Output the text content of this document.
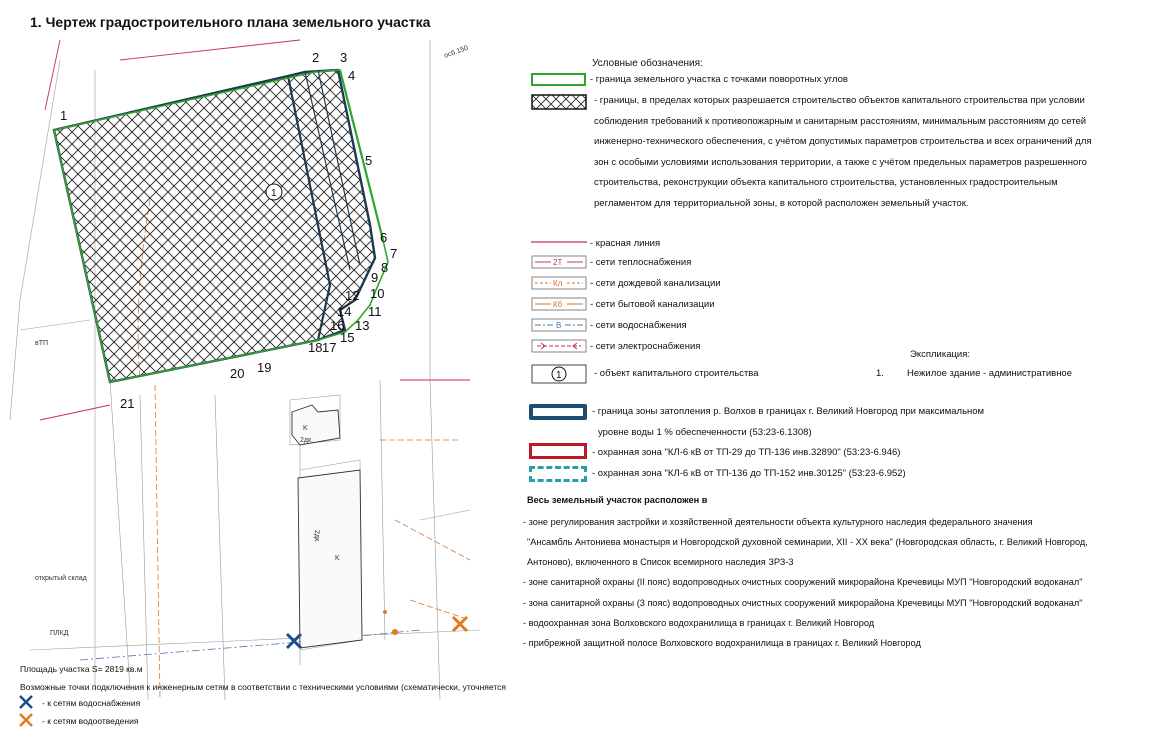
1. Чертеж градостроительного плана земельного участка
K
2дк.
K
2дк.
открытый склад
вТП
осб.150
ПЛКД
1
1
2 3
4
5
6
7
8
9
10
11
12
13
14
15
16
17
18
19
20
21
Условные обозначения:
- граница земельного участка с точками поворотных углов
- границы, в пределах которых разрешается строительство объектов капитального строительства при условии соблюдения требований к противопожарным и санитарным расстояниям, минимальным расстояниям до сетей инженерно-технического обеспечения, с учётом допустимых параметров строительства и всех ограничений для зон с особыми условиями использования территории, а также с учётом предельных параметров разрешенного строительства, реконструкции объекта капитального строительства, установленных градостроительным регламентом для территориальной зоны, в которой расположен земельный участок.
- красная линия
2Т	- сети теплоснабжения
Кл	- сети дождевой канализации
Кб	- сети бытовой канализации
В	- сети водоснабжения
- сети электроснабжения
1	- объект капитального строительства
Экспликация:
1. Нежилое здание - административное
- граница зоны затопления р. Волхов в границах г. Великий Новгород при максимальном
уровне воды 1 % обеспеченности (53:23-6.1308)
- охранная зона "КЛ-6 кВ от ТП-29 до ТП-136 инв.32890" (53:23-6.946)
- охранная зона "КЛ-6 кВ от ТП-136 до ТП-152 инв.30125" (53:23-6.952)
Весь земельный участок расположен в
- зоне регулирования застройки и хозяйственной деятельности объекта культурного наследия федерального значения
"Ансамбль Антониева монастыря и Новгородской духовной семинарии, XII - XX века" (Новгородская область, г. Великий Новгород,
Антоново), включенного в Список всемирного наследия ЗРЗ-3
- зоне санитарной охраны (II пояс) водопроводных очистных сооружений микрорайона Кречевицы МУП "Новгородский водоканал"
- зона санитарной охраны (3 пояс) водопроводных очистных сооружений микрорайона Кречевицы МУП "Новгородский водоканал"
- водоохранная зона Волховского водохранилища в границах г. Великий Новгород
- прибрежной защитной полосе Волховского водохранилища в границах г. Великий Новгород
Площадь участка S= 2819 кв.м
Возможные точки подключения к инженерным сетям в соответствии с техническими условиями (схематически, уточняется
- к сетям водоснабжения
- к сетям водоотведения
